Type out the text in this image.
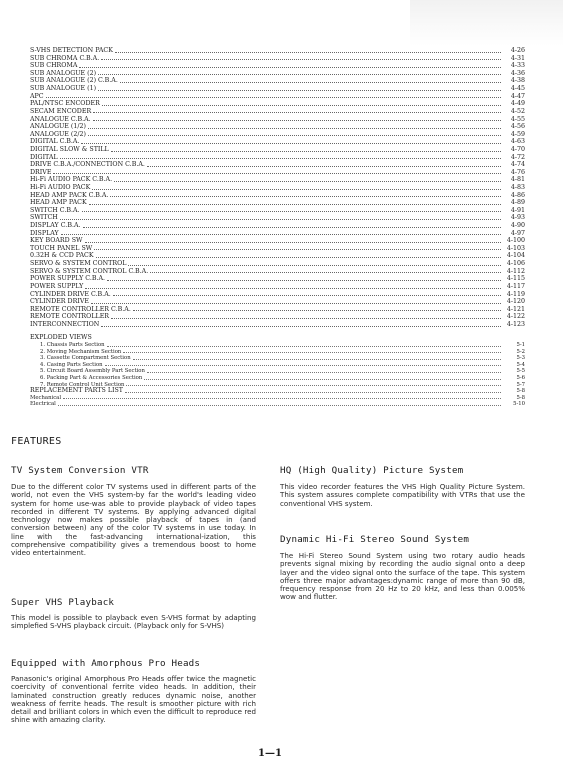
S-VHS DETECTION PACK	4-26
SUB CHROMA C.B.A.	4-31
SUB CHROMA	4-33
SUB ANALOGUE (2)	4-36
SUB ANALOGUE (2) C.B.A.	4-38
SUB ANALOGUE (1)	4-45
APC	4-47
PAL/NTSC ENCODER	4-49
SECAM ENCODER	4-52
ANALOGUE C.B.A.	4-55
ANALOGUE (1/2)	4-56
ANALOGUE (2/2)	4-59
DIGITAL C.B.A.	4-63
DIGITAL SLOW & STILL	4-70
DIGITAL	4-72
DRIVE C.B.A./CONNECTION C.B.A.	4-74
DRIVE	4-76
Hi-Fi AUDIO PACK C.B.A.	4-81
Hi-Fi AUDIO PACK	4-83
HEAD AMP PACK C.B.A.	4-86
HEAD AMP PACK	4-89
SWITCH C.B.A.	4-91
SWITCH	4-93
DISPLAY C.B.A.	4-90
DISPLAY	4-97
KEY BOARD SW	4-100
TOUCH PANEL SW	4-103
0.32H & CCD PACK	4-104
SERVO & SYSTEM CONTROL	4-106
SERVO & SYSTEM CONTROL C.B.A.	4-112
POWER SUPPLY C.B.A.	4-115
POWER SUPPLY	4-117
CYLINDER DRIVE C.B.A.	4-119
CYLINDER DRIVE	4-120
REMOTE CONTROLLER C.B.A.	4-121
REMOTE CONTROLLER	4-122
INTERCONNECTION	4-123
EXPLODED VIEWS
1. Chassis Parts Section	5-1
2. Moving Mechanism Section	5-2
3. Cassette Compartment Section	5-3
4. Casing Parts Section	5-4
5. Circuit Board Assembly Part Section	5-5
6. Packing Part & Accessories Section	5-6
7. Remote Control Unit Section	5-7
REPLACEMENT PARTS LIST	5-8
Mechanical	5-8
Electrical	5-10
FEATURES
TV System Conversion VTR
Due to the different color TV systems used in different parts of the world, not even the VHS system-by far the world's leading video system for home use-was able to provide playback of video tapes recorded in different TV systems. By applying advanced digital technology now makes possible playback of tapes in (and conversion between) any of the color TV systems in use today. In line with the fast-advancing international-ization, this comprehensive compatibility gives a tremendous boost to home video entertainment.
Super VHS Playback
This model is possible to playback even S-VHS format by adapting simplefied S-VHS playback circuit. (Playback only for S-VHS)
Equipped with Amorphous Pro Heads
Panasonic's original Amorphous Pro Heads offer twice the magnetic coercivity of conventional ferrite video heads. In addition, their laminated construction greatly reduces dynamic noise, another weakness of ferrite heads. The result is smoother picture with rich detail and brilliant colors in which even the difficult to reproduce red shine with amazing clarity.
HQ (High Quality) Picture System
This video recorder features the VHS High Quality Picture System. This system assures complete compatibility with VTRs that use the conventional VHS system.
Dynamic Hi-Fi Stereo Sound System
The Hi-Fi Stereo Sound System using two rotary audio heads prevents signal mixing by recording the audio signal onto a deep layer and the video signal onto the surface of the tape. This system offers three major advantages:dynamic range of more than 90 dB, frequency response from 20 Hz to 20 kHz, and less than 0.005% wow and flutter.
1—1
